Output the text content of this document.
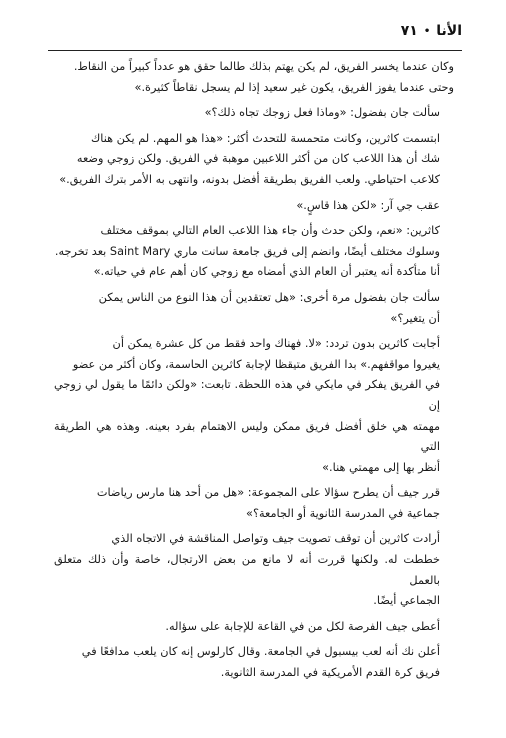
الأنا
•
٧١

وكان عندما يخسر الفريق، لم يكن يهتم بذلك طالما حقق هو عدداً كبيراً من النقاط.
وحتى عندما يفوز الفريق، يكون غير سعيد إذا لم يسجل نقاطاً كثيرة.»

سألت جان بفضول: «وماذا فعل زوجك تجاه ذلك؟»

ابتسمت كاثرين، وكانت متحمسة للتحدث أكثر: «هذا هو المهم. لم يكن هناك
شك أن هذا اللاعب كان من أكثر اللاعبين موهبة في الفريق. ولكن زوجي وضعه
كلاعب احتياطي. ولعب الفريق بطريقة أفضل بدونه، وانتهى به الأمر بترك الفريق.»

عقب جي آر: «لكن هذا قاسٍ.»

كاثرين: «نعم، ولكن حدث وأن جاء هذا اللاعب العام التالي بموقف مختلف
وسلوك مختلف أيضًا، وانضم إلى فريق جامعة سانت ماري Saint Mary بعد تخرجه.
أنا متأكدة أنه يعتبر أن العام الذي أمضاه مع زوجي كان أهم عام في حياته.»

سألت جان بفضول مرة أخرى: «هل تعتقدين أن هذا النوع من الناس يمكن
أن يتغير؟»

أجابت كاثرين بدون تردد: «لا. فهناك واحد فقط من كل عشرة يمكن أن
يغيروا مواقفهم.» بدا الفريق متيقظا لإجابة كاثرين الحاسمة، وكان أكثر من عضو
في الفريق يفكر في مايكي في هذه اللحظة. تابعت: «ولكن دائمًا ما يقول لي زوجي إن
مهمته هي خلق أفضل فريق ممكن وليس الاهتمام بفرد بعينه. وهذه هي الطريقة التي
أنظر بها إلى مهمتي هنا.»

قرر جيف أن يطرح سؤالا على المجموعة: «هل من أحد هنا مارس رياضات
جماعية في المدرسة الثانوية أو الجامعة؟»

أرادت كاثرين أن توقف تصويت جيف وتواصل المناقشة في الاتجاه الذي
خططت له. ولكنها قررت أنه لا مانع من بعض الارتجال، خاصة وأن ذلك متعلق بالعمل
الجماعي أيضًا.

أعطى جيف الفرصة لكل من في القاعة للإجابة على سؤاله.

أعلن نك أنه لعب بيسبول في الجامعة. وقال كارلوس إنه كان يلعب مدافعًا في
فريق كرة القدم الأمريكية في المدرسة الثانوية.
